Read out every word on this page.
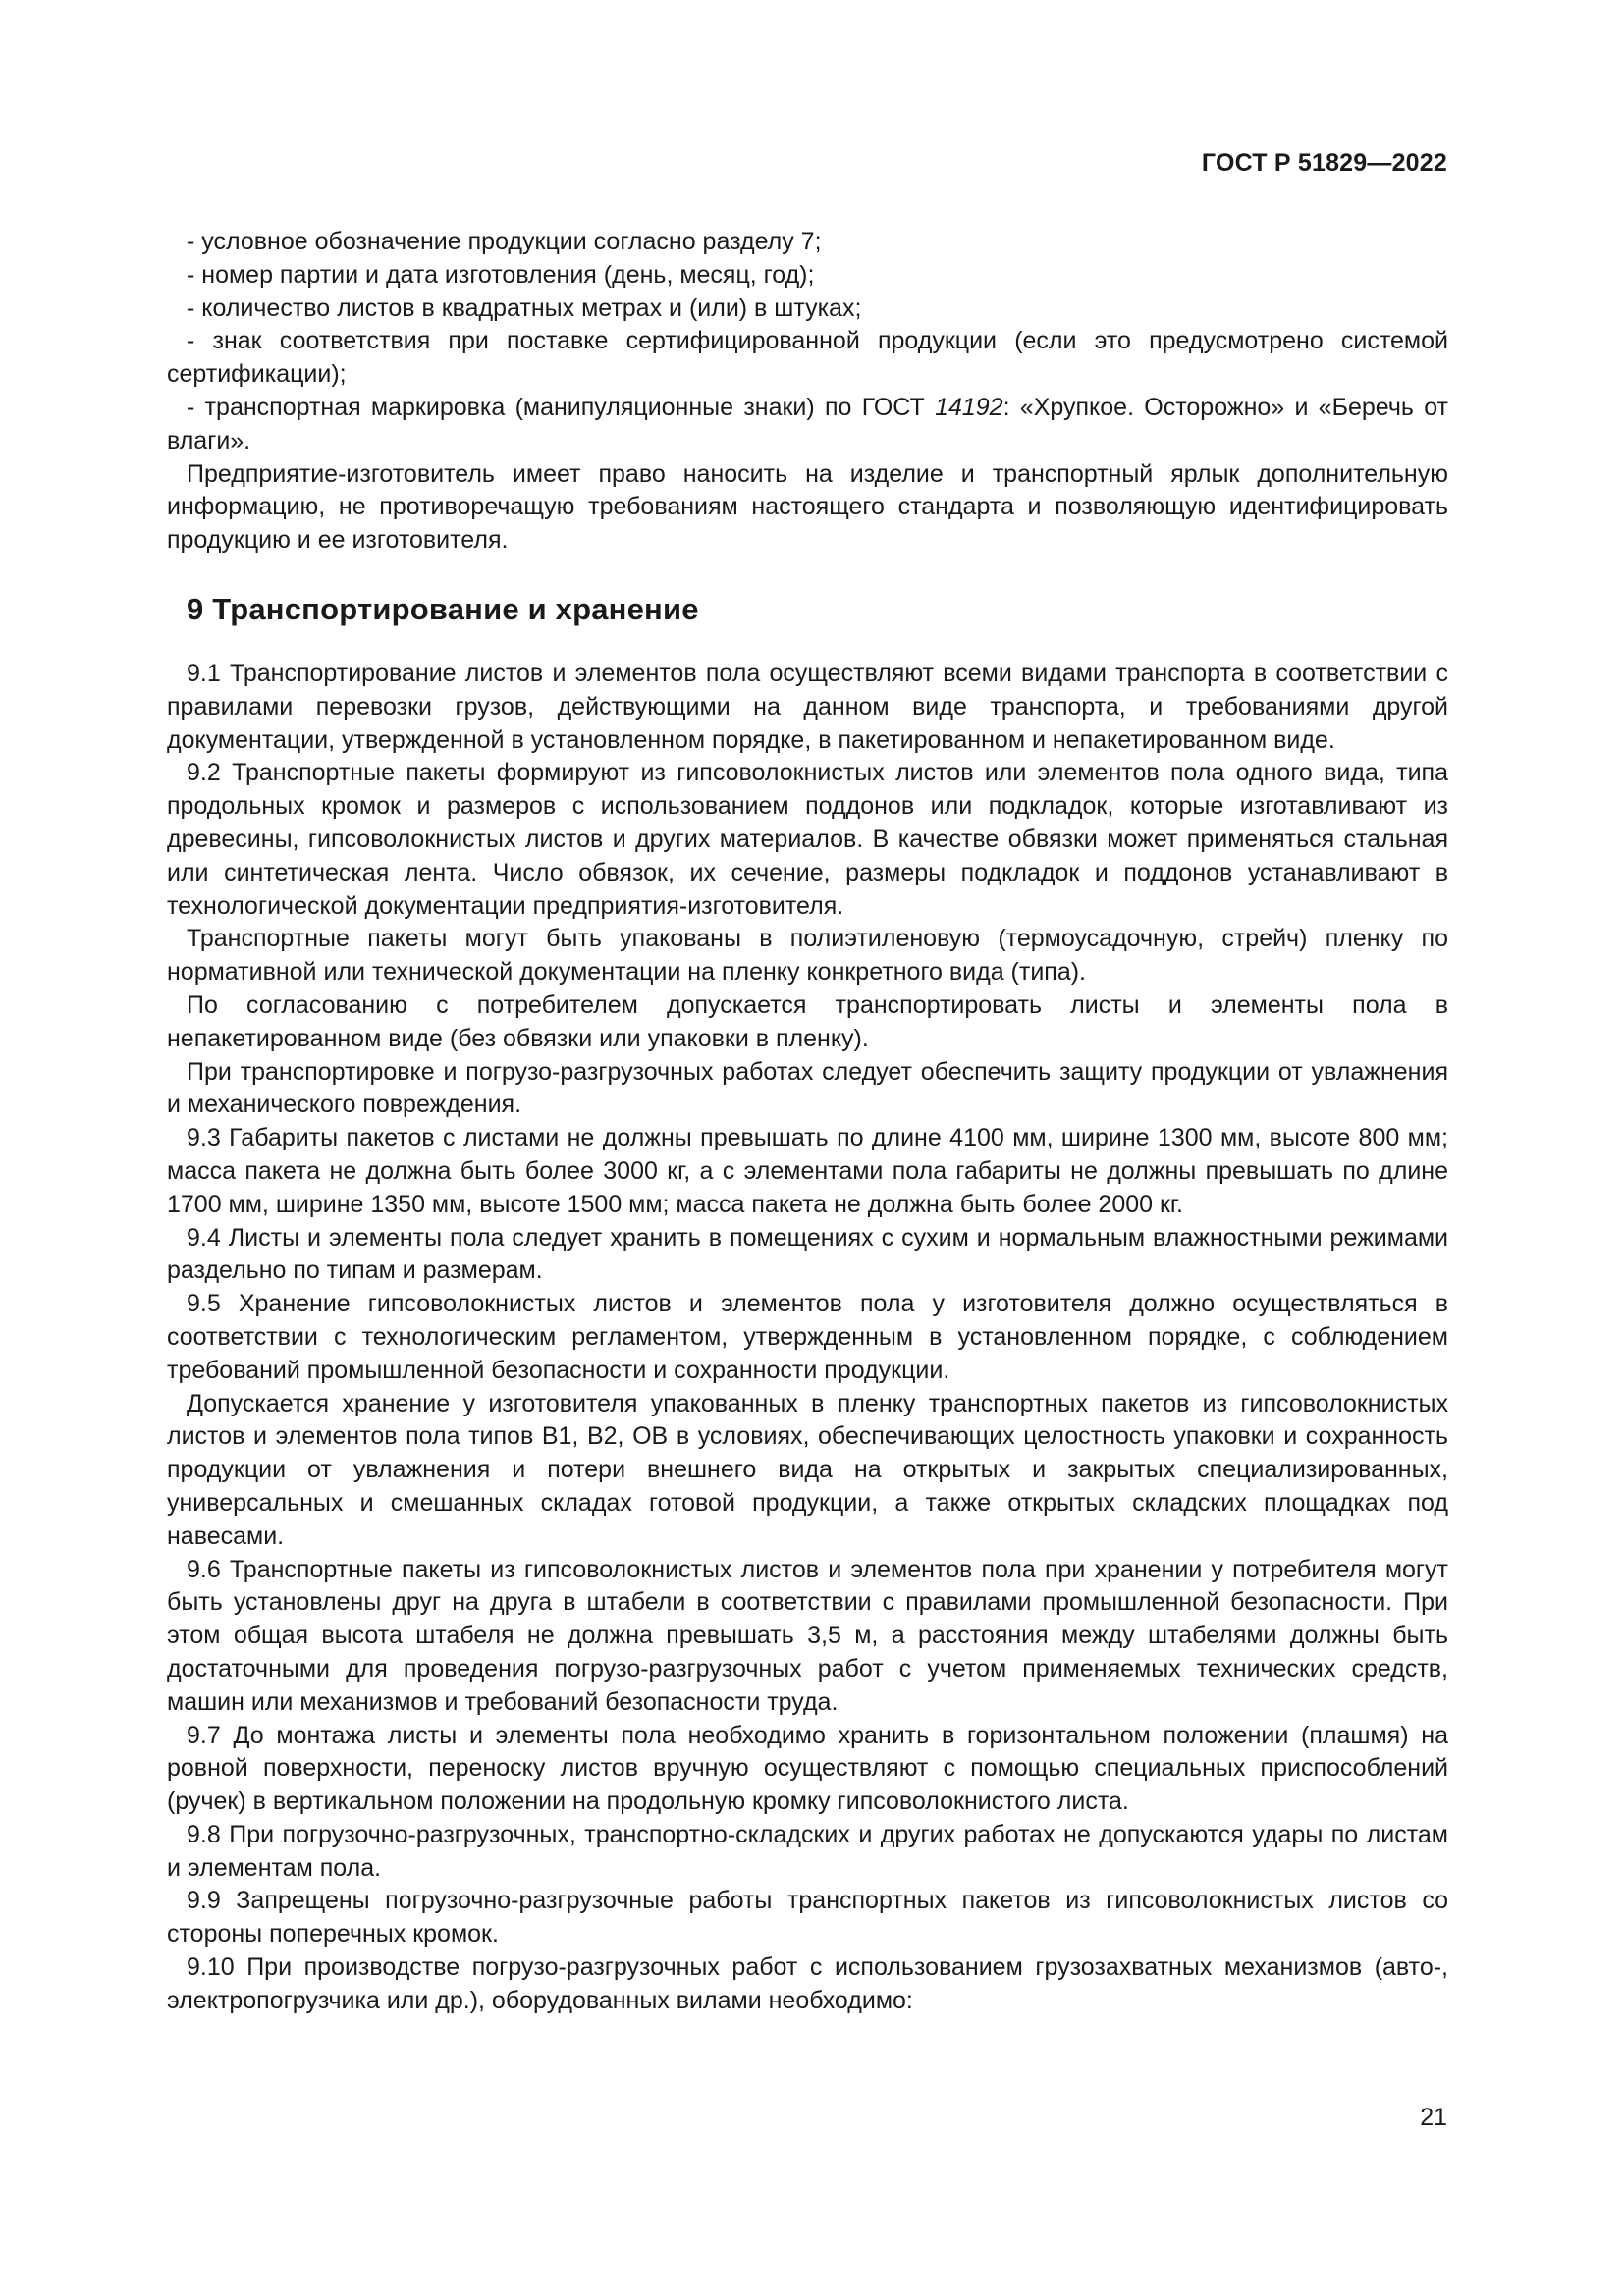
ГОСТ Р 51829—2022

- условное обозначение продукции согласно разделу 7;

- номер партии и дата изготовления (день, месяц, год);

- количество листов в квадратных метрах и (или) в штуках;

- знак соответствия при поставке сертифицированной продукции (если это предусмотрено системой сертификации);

- транспортная маркировка (манипуляционные знаки) по ГОСТ 14192: «Хрупкое. Осторожно» и «Беречь от влаги».

Предприятие-изготовитель имеет право наносить на изделие и транспортный ярлык дополнительную информацию, не противоречащую требованиям настоящего стандарта и позволяющую идентифицировать продукцию и ее изготовителя.

9 Транспортирование и хранение

9.1 Транспортирование листов и элементов пола осуществляют всеми видами транспорта в соответствии с правилами перевозки грузов, действующими на данном виде транспорта, и требованиями другой документации, утвержденной в установленном порядке, в пакетированном и непакетированном виде.

9.2 Транспортные пакеты формируют из гипсоволокнистых листов или элементов пола одного вида, типа продольных кромок и размеров с использованием поддонов или подкладок, которые изготавливают из древесины, гипсоволокнистых листов и других материалов. В качестве обвязки может применяться стальная или синтетическая лента. Число обвязок, их сечение, размеры подкладок и поддонов устанавливают в технологической документации предприятия-изготовителя.

Транспортные пакеты могут быть упакованы в полиэтиленовую (термоусадочную, стрейч) пленку по нормативной или технической документации на пленку конкретного вида (типа).

По согласованию с потребителем допускается транспортировать листы и элементы пола в непакетированном виде (без обвязки или упаковки в пленку).

При транспортировке и погрузо-разгрузочных работах следует обеспечить защиту продукции от увлажнения и механического повреждения.

9.3 Габариты пакетов с листами не должны превышать по длине 4100 мм, ширине 1300 мм, высоте 800 мм; масса пакета не должна быть более 3000 кг, а с элементами пола габариты не должны превышать по длине 1700 мм, ширине 1350 мм, высоте 1500 мм; масса пакета не должна быть более 2000 кг.

9.4 Листы и элементы пола следует хранить в помещениях с сухим и нормальным влажностными режимами раздельно по типам и размерам.

9.5 Хранение гипсоволокнистых листов и элементов пола у изготовителя должно осуществляться в соответствии с технологическим регламентом, утвержденным в установленном порядке, с соблюдением требований промышленной безопасности и сохранности продукции.

Допускается хранение у изготовителя упакованных в пленку транспортных пакетов из гипсоволокнистых листов и элементов пола типов В1, В2, ОВ в условиях, обеспечивающих целостность упаковки и сохранность продукции от увлажнения и потери внешнего вида на открытых и закрытых специализированных, универсальных и смешанных складах готовой продукции, а также открытых складских площадках под навесами.

9.6 Транспортные пакеты из гипсоволокнистых листов и элементов пола при хранении у потребителя могут быть установлены друг на друга в штабели в соответствии с правилами промышленной безопасности. При этом общая высота штабеля не должна превышать 3,5 м, а расстояния между штабелями должны быть достаточными для проведения погрузо-разгрузочных работ с учетом применяемых технических средств, машин или механизмов и требований безопасности труда.

9.7 До монтажа листы и элементы пола необходимо хранить в горизонтальном положении (плашмя) на ровной поверхности, переноску листов вручную осуществляют с помощью специальных приспособлений (ручек) в вертикальном положении на продольную кромку гипсоволокнистого листа.

9.8 При погрузочно-разгрузочных, транспортно-складских и других работах не допускаются удары по листам и элементам пола.

9.9 Запрещены погрузочно-разгрузочные работы транспортных пакетов из гипсоволокнистых листов со стороны поперечных кромок.

9.10 При производстве погрузо-разгрузочных работ с использованием грузозахватных механизмов (авто-, электропогрузчика или др.), оборудованных вилами необходимо:

21
